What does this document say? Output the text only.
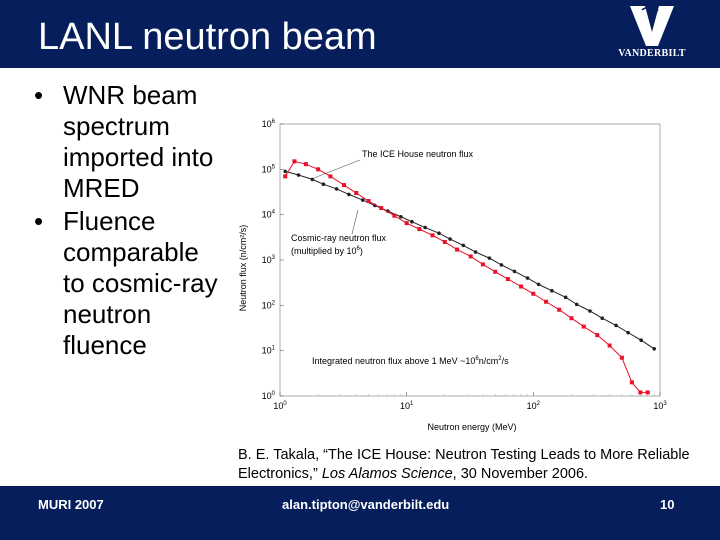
LANL neutron beam	VANDERBILT
• WNR beam spectrum imported into MRED
• Fluence comparable to cosmic-ray neutron fluence
$10^0$	$10^1$	$10^2$	$10^3$
$10^0$
$10^1$
$10^2$
$10^3$
$10^4$
$10^5$
$10^6$
Neutron flux (n/cm²/s)
Neutron energy (MeV)
The ICE House neutron flux
Cosmic-ray neutron flux
(multiplied by $10^6$)
Integrated neutron flux above 1 MeV $\sim 10^6n/cm^2/s$
B. E. Takala, “The ICE House: Neutron Testing Leads to More Reliable Electronics,” Los Alamos Science, 30 November 2006.
MURI 2007	alan.tipton@vanderbilt.edu	10
